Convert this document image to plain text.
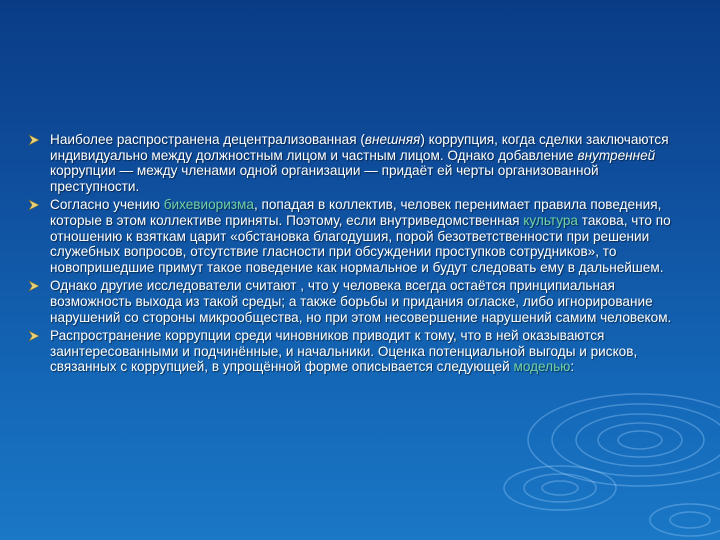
Наиболее распространена децентрализованная (внешняя) коррупция, когда сделки заключаются индивидуально между должностным лицом и частным лицом. Однако добавление внутренней коррупции — между членами одной организации — придаёт ей черты организованной преступности.
Согласно учению бихевиоризма, попадая в коллектив, человек перенимает правила поведения, которые в этом коллективе приняты. Поэтому, если внутриведомственная культура такова, что по отношению к взяткам царит «обстановка благодушия, порой безответственности при решении служебных вопросов, отсутствие гласности при обсуждении проступков сотрудников», то новопришедшие примут такое поведение как нормальное и будут следовать ему в дальнейшем.
Однако другие исследователи считают , что у человека всегда остаётся принципиальная возможность выхода из такой среды; а также борьбы и придания огласке, либо игнорирование нарушений со стороны микрообщества, но при этом несовершение нарушений самим человеком.
Распространение коррупции среди чиновников приводит к тому, что в ней оказываются заинтересованными и подчинённые, и начальники. Оценка потенциальной выгоды и рисков, связанных с коррупцией, в упрощённой форме описывается следующей моделью:
